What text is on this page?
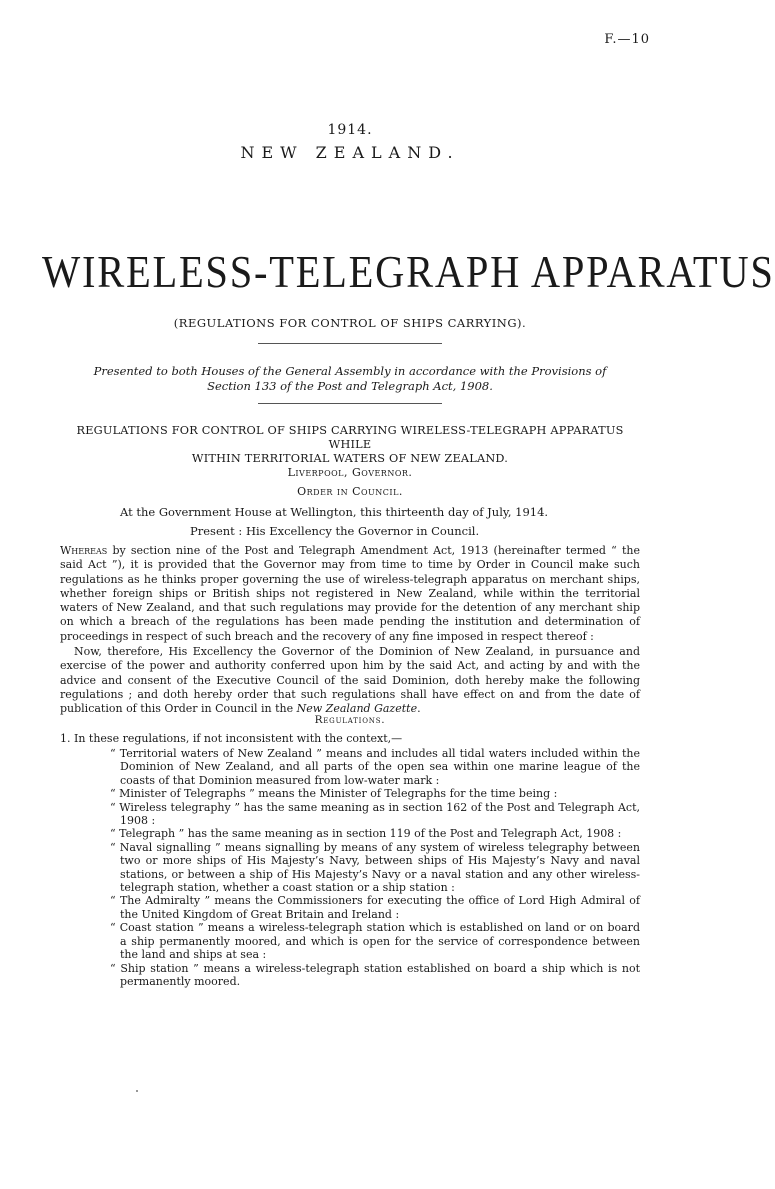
F.—10
1914.
NEW ZEALAND.
WIRELESS-TELEGRAPH APPARATUS
(REGULATIONS FOR CONTROL OF SHIPS CARRYING).
Presented to both Houses of the General Assembly in accordance with the Provisions of
Section 133 of the Post and Telegraph Act, 1908.
REGULATIONS FOR CONTROL OF SHIPS CARRYING WIRELESS-TELEGRAPH APPARATUS WHILE
WITHIN TERRITORIAL WATERS OF NEW ZEALAND.
Liverpool, Governor.
Order in Council.
At the Government House at Wellington, this thirteenth day of July, 1914.
Present : His Excellency the Governor in Council.

Whereas by section nine of the Post and Telegraph Amendment Act, 1913 (hereinafter termed “ the said Act ”), it is provided that the Governor may from time to time by Order in Council make such regulations as he thinks proper governing the use of wireless-telegraph apparatus on merchant ships, whether foreign ships or British ships not registered in New Zealand, while within the territorial waters of New Zealand, and that such regulations may provide for the detention of any merchant ship on which a breach of the regulations has been made pending the institution and determination of proceedings in respect of such breach and the recovery of any fine imposed in respect thereof :

Now, therefore, His Excellency the Governor of the Dominion of New Zealand, in pursuance and exercise of the power and authority conferred upon him by the said Act, and acting by and with the advice and consent of the Executive Council of the said Dominion, doth hereby make the following regulations ; and doth hereby order that such regulations shall have effect on and from the date of publication of this Order in Council in the New Zealand Gazette.

Regulations.
1. In these regulations, if not inconsistent with the context,—
“ Territorial waters of New Zealand ” means and includes all tidal waters included within the Dominion of New Zealand, and all parts of the open sea within one marine league of the coasts of that Dominion measured from low-water mark :
“ Minister of Telegraphs ” means the Minister of Telegraphs for the time being :
“ Wireless telegraphy ” has the same meaning as in section 162 of the Post and Telegraph Act, 1908 :
“ Telegraph ” has the same meaning as in section 119 of the Post and Telegraph Act, 1908 :
“ Naval signalling ” means signalling by means of any system of wireless telegraphy between two or more ships of His Majesty’s Navy, between ships of His Majesty’s Navy and naval stations, or between a ship of His Majesty’s Navy or a naval station and any other wireless-telegraph station, whether a coast station or a ship station :
“ The Admiralty ” means the Commissioners for executing the office of Lord High Admiral of the United Kingdom of Great Britain and Ireland :
“ Coast station ” means a wireless-telegraph station which is established on land or on board a ship permanently moored, and which is open for the service of correspondence between the land and ships at sea :
“ Ship station ” means a wireless-telegraph station established on board a ship which is not permanently moored.
